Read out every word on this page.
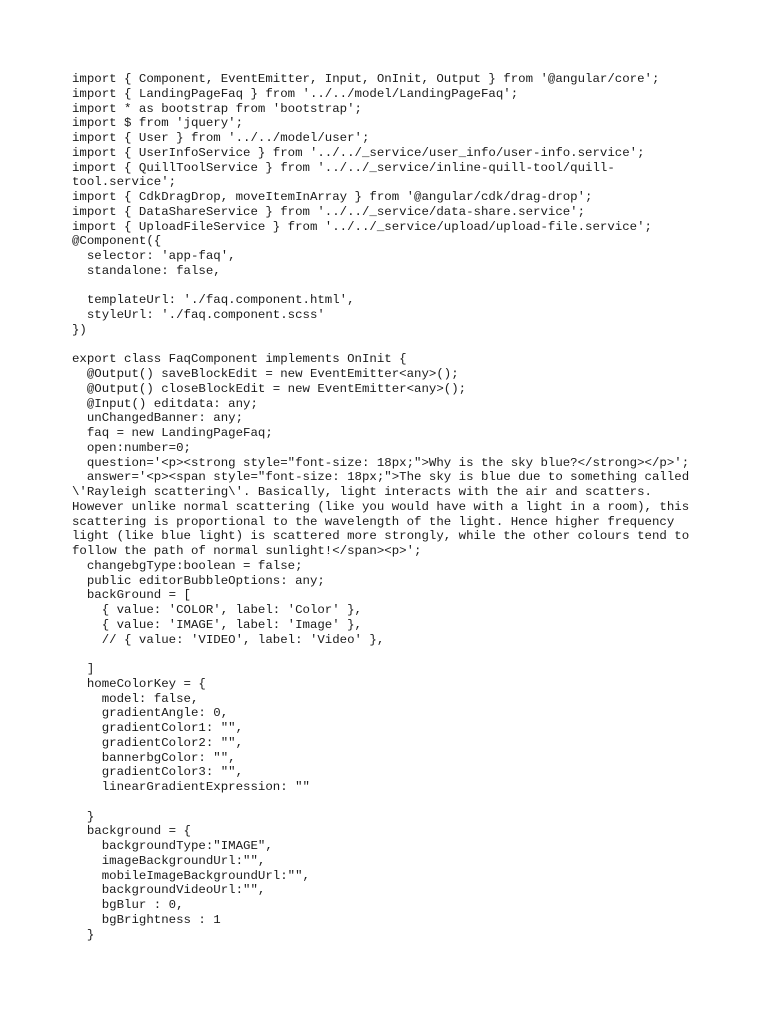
import { Component, EventEmitter, Input, OnInit, Output } from '@angular/core';
import { LandingPageFaq } from '../../model/LandingPageFaq';
import * as bootstrap from 'bootstrap';
import $ from 'jquery';
import { User } from '../../model/user';
import { UserInfoService } from '../../_service/user_info/user-info.service';
import { QuillToolService } from '../../_service/inline-quill-tool/quill-
tool.service';
import { CdkDragDrop, moveItemInArray } from '@angular/cdk/drag-drop';
import { DataShareService } from '../../_service/data-share.service';
import { UploadFileService } from '../../_service/upload/upload-file.service';
@Component({
selector: 'app-faq',
standalone: false,
templateUrl: './faq.component.html',
styleUrl: './faq.component.scss'
})
export class FaqComponent implements OnInit {
@Output() saveBlockEdit = new EventEmitter<any>();
@Output() closeBlockEdit = new EventEmitter<any>();
@Input() editdata: any;
unChangedBanner: any;
faq = new LandingPageFaq;
open:number=0;
question='<p><strong style="font-size: 18px;">Why is the sky blue?</strong></p>';
answer='<p><span style="font-size: 18px;">The sky is blue due to something called
\'Rayleigh scattering\'. Basically, light interacts with the air and scatters.
However unlike normal scattering (like you would have with a light in a room), this
scattering is proportional to the wavelength of the light. Hence higher frequency
light (like blue light) is scattered more strongly, while the other colours tend to
follow the path of normal sunlight!</span><p>';
changebgType:boolean = false;
public editorBubbleOptions: any;
backGround = [
{ value: 'COLOR', label: 'Color' },
{ value: 'IMAGE', label: 'Image' },
// { value: 'VIDEO', label: 'Video' },
]
homeColorKey = {
model: false,
gradientAngle: 0,
gradientColor1: "",
gradientColor2: "",
bannerbgColor: "",
gradientColor3: "",
linearGradientExpression: ""
}
background = {
backgroundType:"IMAGE",
imageBackgroundUrl:"",
mobileImageBackgroundUrl:"",
backgroundVideoUrl:"",
bgBlur : 0,
bgBrightness : 1
}
